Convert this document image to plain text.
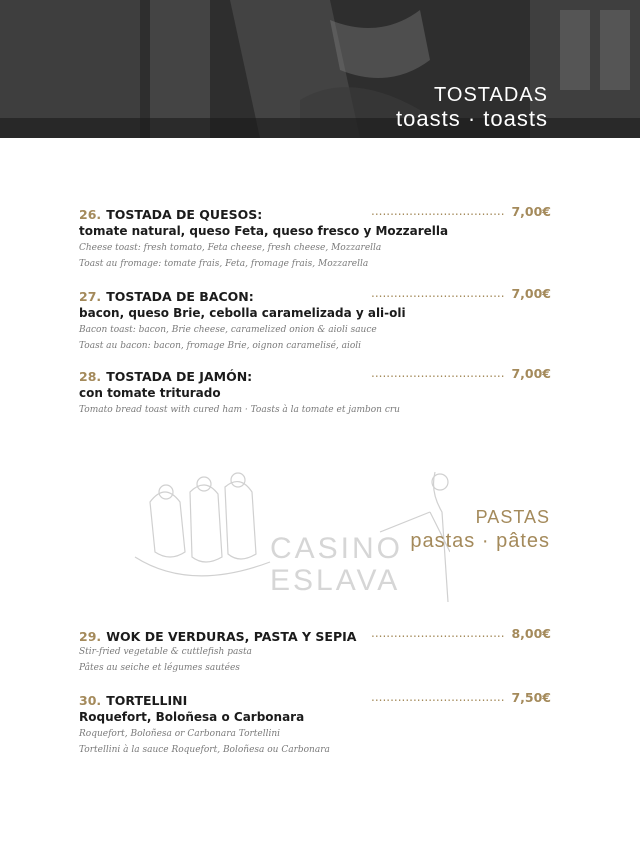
TOSTADAS
toasts · toasts
26. TOSTADA DE QUESOS:	................................... 7,00€
tomate natural, queso Feta, queso fresco y Mozzarella
Cheese toast: fresh tomato, Feta cheese, fresh cheese, Mozzarella
Toast au fromage: tomate frais, Feta, fromage frais, Mozzarella
27. TOSTADA DE BACON:	................................... 7,00€
bacon, queso Brie, cebolla caramelizada y ali-oli
Bacon toast: bacon, Brie cheese, caramelized onion & aioli sauce
Toast au bacon: bacon, fromage Brie, oignon caramelisé, aioli
28. TOSTADA DE JAMÓN:	................................... 7,00€
con tomate triturado
Tomato bread toast with cured ham · Toasts à la tomate et jambon cru
CASINO
ESLAVA
PASTAS
pastas · pâtes
29. WOK DE VERDURAS, PASTA Y SEPIA ................................... 8,00€
Stir-fried vegetable & cuttlefish pasta
Pâtes au seiche et légumes sautées
30. TORTELLINI	................................... 7,50€
Roquefort, Boloñesa o Carbonara
Roquefort, Boloñesa or Carbonara Tortellini
Tortellini à la sauce Roquefort, Boloñesa ou Carbonara
